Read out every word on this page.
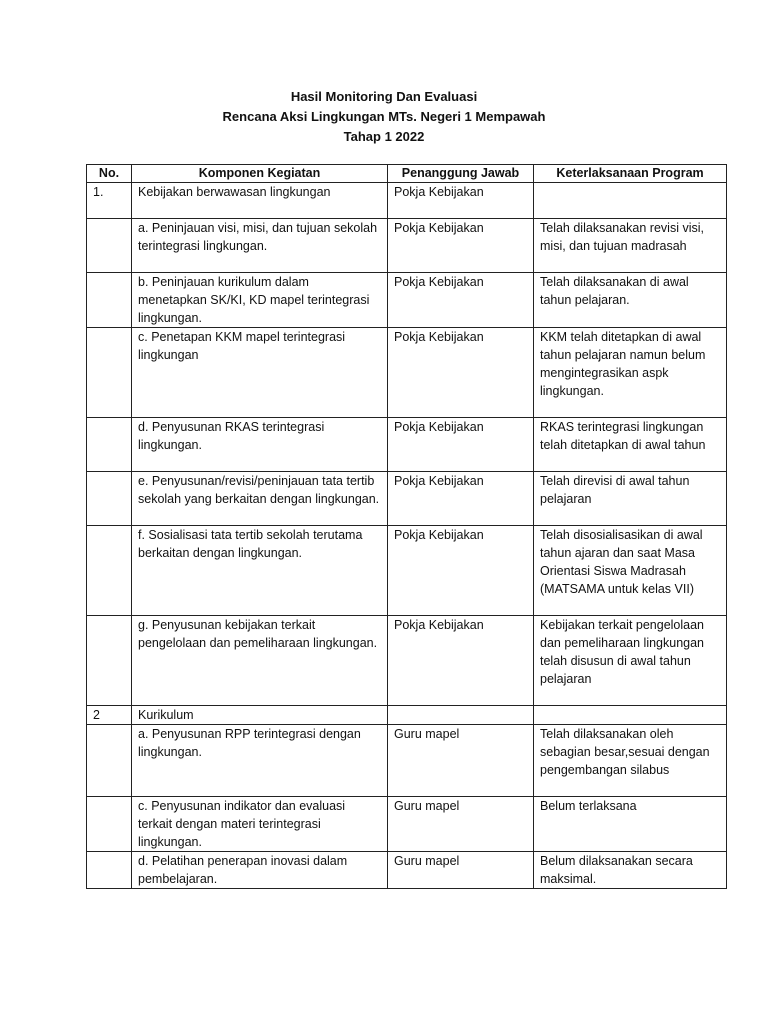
Hasil Monitoring Dan Evaluasi
Rencana Aksi Lingkungan MTs. Negeri 1 Mempawah
Tahap 1 2022
No.	Komponen Kegiatan	Penanggung Jawab	Keterlaksanaan Program
1.	Kebijakan berwawasan lingkungan	Pokja Kebijakan	
	a. Peninjauan visi, misi, dan tujuan sekolah terintegrasi lingkungan.	Pokja Kebijakan	Telah dilaksanakan revisi visi, misi, dan tujuan madrasah
	b. Peninjauan kurikulum dalam menetapkan SK/KI, KD mapel terintegrasi lingkungan.	Pokja Kebijakan	Telah dilaksanakan di awal tahun pelajaran.
	c. Penetapan KKM mapel terintegrasi lingkungan	Pokja Kebijakan	KKM telah ditetapkan di awal tahun pelajaran namun belum mengintegrasikan aspk lingkungan.
	d. Penyusunan RKAS terintegrasi lingkungan.	Pokja Kebijakan	RKAS terintegrasi lingkungan telah ditetapkan di awal tahun
	e. Penyusunan/revisi/peninjauan tata tertib sekolah yang berkaitan dengan lingkungan.	Pokja Kebijakan	Telah direvisi di awal tahun pelajaran
	f. Sosialisasi tata tertib sekolah terutama berkaitan dengan lingkungan.	Pokja Kebijakan	Telah disosialisasikan di awal tahun ajaran dan saat Masa Orientasi Siswa Madrasah (MATSAMA untuk kelas VII)
	g. Penyusunan kebijakan terkait pengelolaan dan pemeliharaan lingkungan.	Pokja Kebijakan	Kebijakan terkait pengelolaan dan pemeliharaan lingkungan telah disusun di awal tahun pelajaran
2	Kurikulum		
	a. Penyusunan RPP terintegrasi dengan lingkungan.	Guru mapel	Telah dilaksanakan oleh sebagian besar,sesuai dengan pengembangan silabus
	c. Penyusunan indikator dan evaluasi terkait dengan materi terintegrasi lingkungan.	Guru mapel	Belum terlaksana
	d. Pelatihan penerapan inovasi dalam pembelajaran.	Guru mapel	Belum dilaksanakan secara maksimal.
